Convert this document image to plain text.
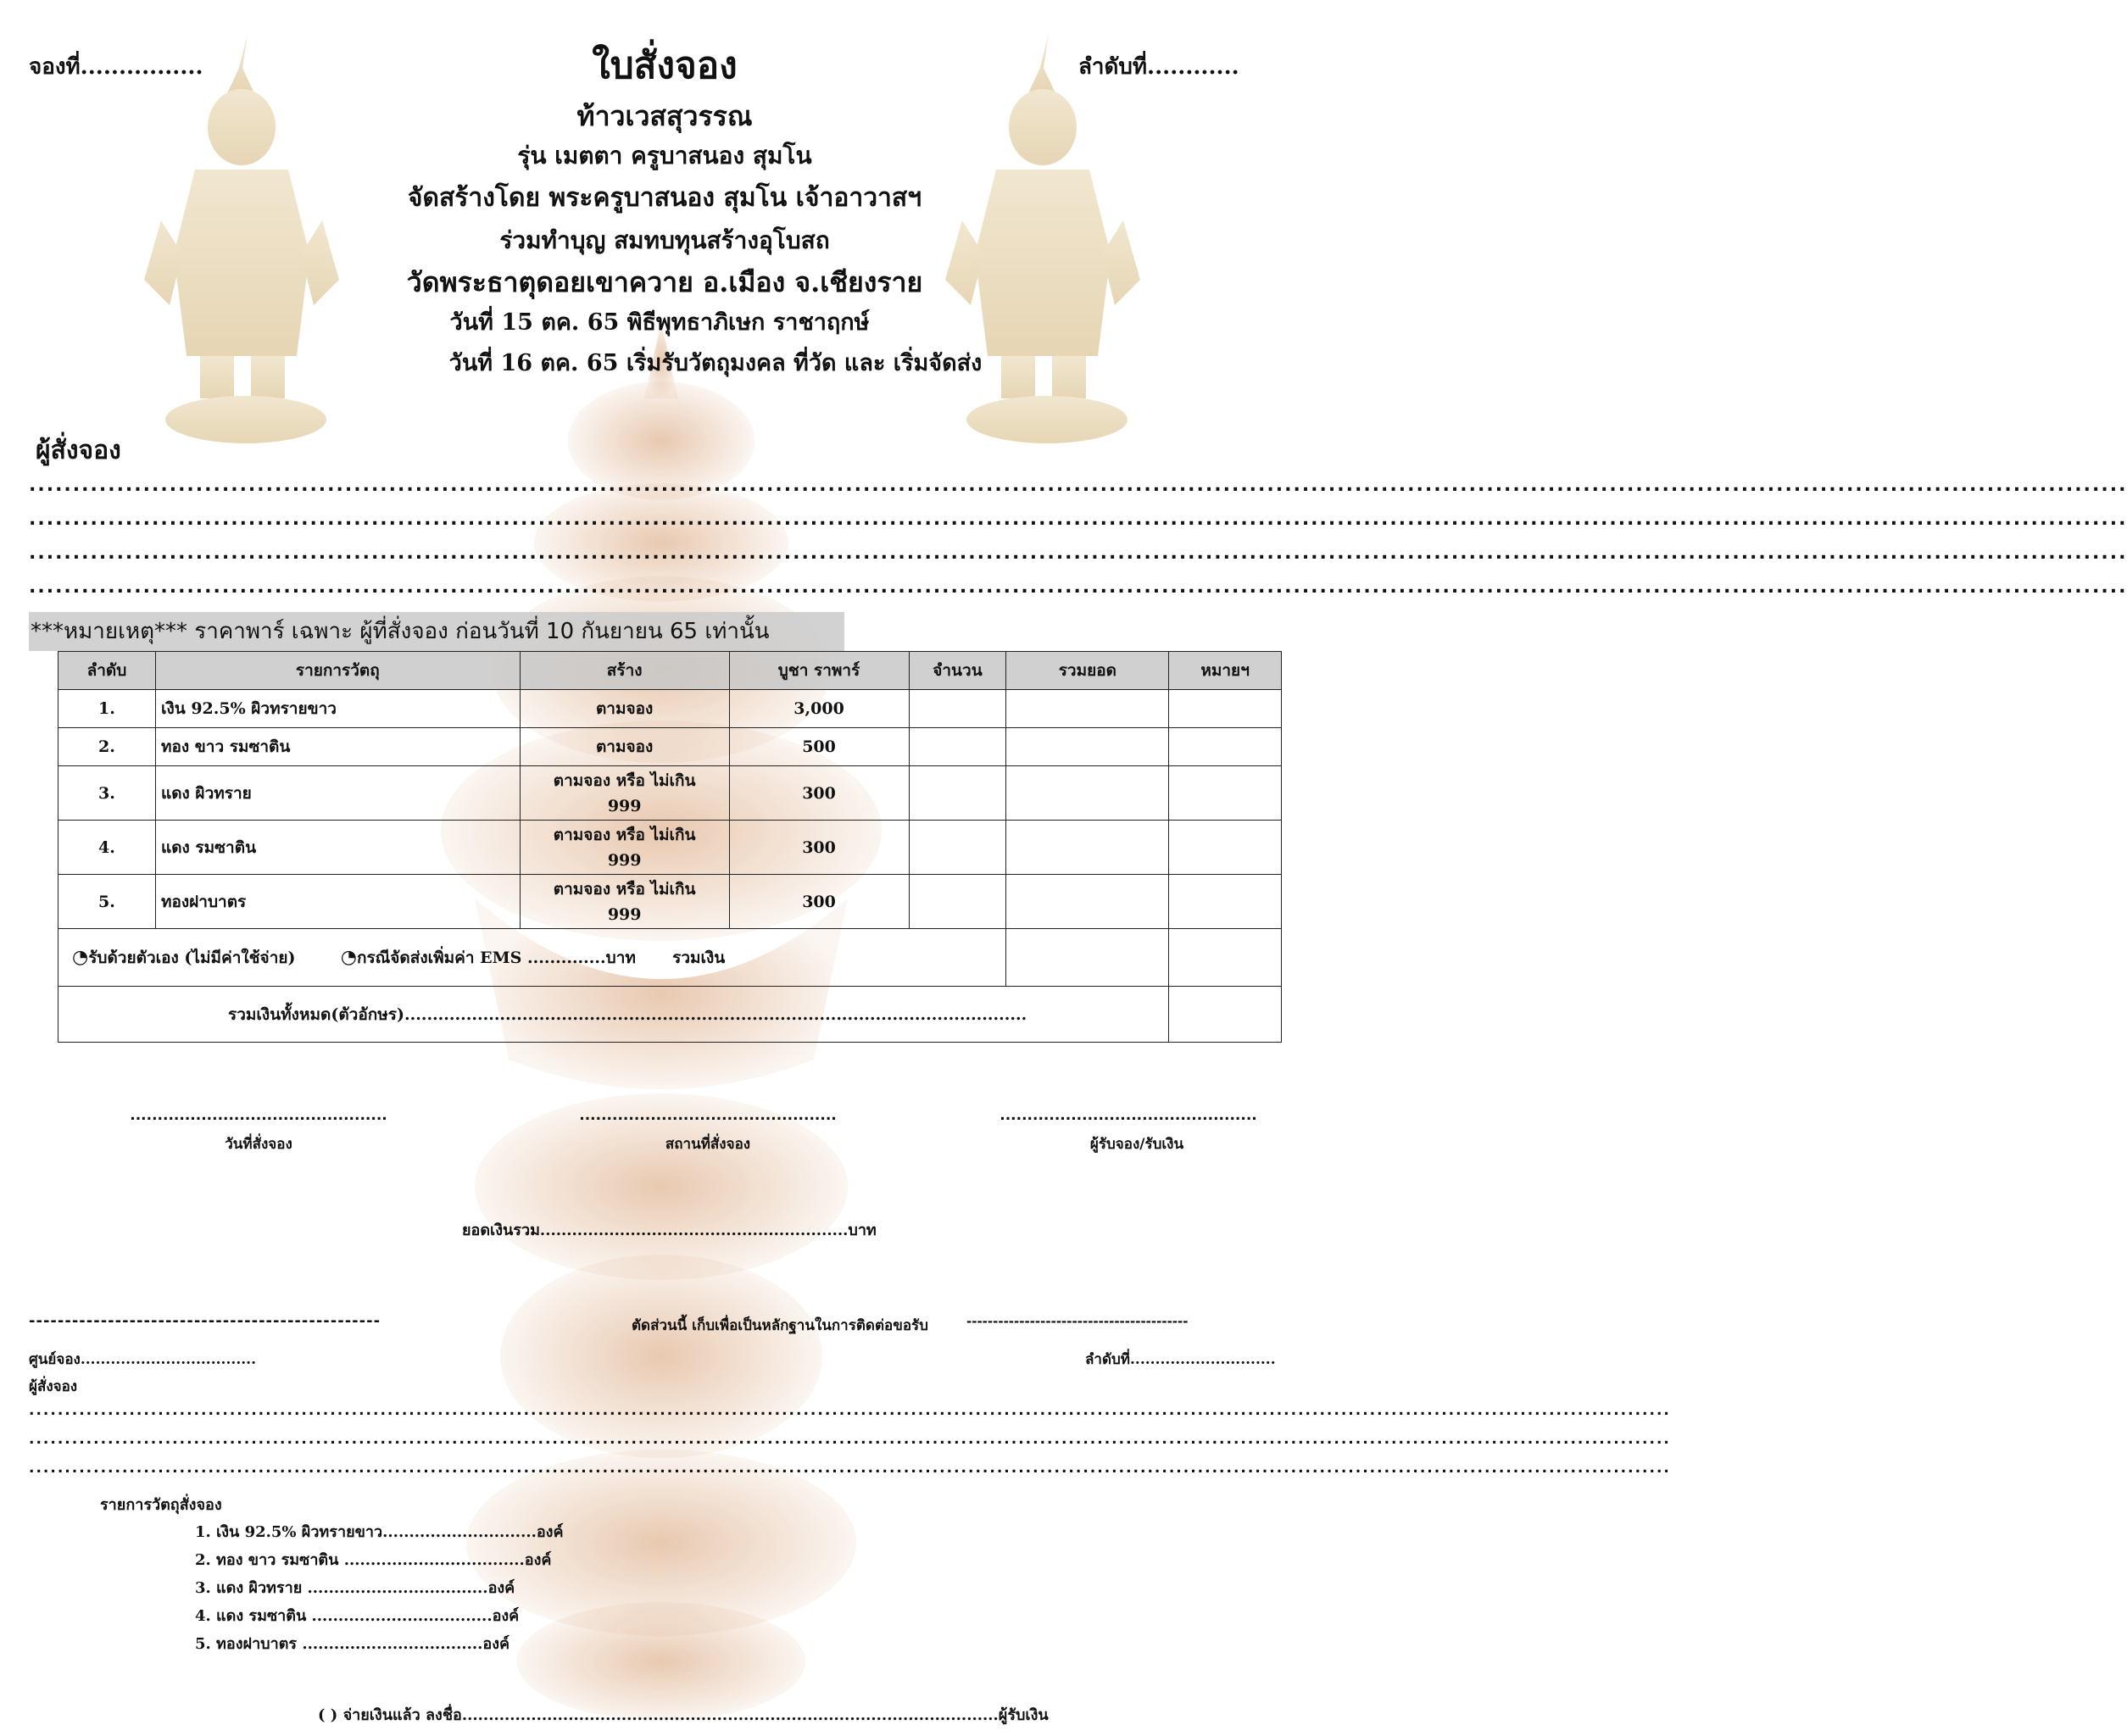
จองที่................	ลำดับที่............
ใบสั่งจอง
ท้าวเวสสุวรรณ
รุ่น เมตตา ครูบาสนอง สุมโน
จัดสร้างโดย พระครูบาสนอง สุมโน เจ้าอาวาสฯ
ร่วมทำบุญ สมทบทุนสร้างอุโบสถ
วัดพระธาตุดอยเขาควาย อ.เมือง จ.เชียงราย
วันที่ 15 ตค. 65 พิธีพุทธาภิเษก ราชาฤกษ์
วันที่ 16 ตค. 65 เริ่มรับวัตถุมงคล ที่วัด และ เริ่มจัดส่ง
ผู้สั่งจอง
...............................................................................................................................................................................................................................................
...............................................................................................................................................................................................................................................
...............................................................................................................................................................................................................................................
...............................................................................................................................................................................................................................................
***หมายเหตุ*** ราคาพาร์ เฉพาะ ผู้ที่สั่งจอง ก่อนวันที่ 10 กันยายน 65 เท่านั้น
ลำดับ	รายการวัตถุ	สร้าง	บูชา ราพาร์	จำนวน	รวมยอด	หมายฯ
1.	เงิน 92.5% ผิวทรายขาว	ตามจอง	3,000			
2.	ทอง ขาว รมซาติน	ตามจอง	500			
3.	แดง ผิวทราย	ตามจอง หรือ ไม่เกิน
999	300			
4.	แดง รมซาติน	ตามจอง หรือ ไม่เกิน
999	300			
5.	ทองฝาบาตร	ตามจอง หรือ ไม่เกิน
999	300			
◔รับด้วยตัวเอง (ไม่มีค่าใช้จ่าย) ◔กรณีจัดส่งเพิ่มค่า EMS ..............บาท รวมเงิน						
รวมเงินทั้งหมด(ตัวอักษร)...............................................................................................................						
...............................................
วันที่สั่งจอง
...............................................
สถานที่สั่งจอง
...............................................
ผู้รับจอง/รับเงิน
ยอดเงินรวม..........................................................บาท
-------------------------------------------------	ตัดส่วนนี้ เก็บเพื่อเป็นหลักฐานในการติดต่อขอรับ	------------------------------------------
ศูนย์จอง...................................	ลำดับที่.............................
ผู้สั่งจอง
.....................................................................................................................................................................................................................................
.....................................................................................................................................................................................................................................
.....................................................................................................................................................................................................................................
รายการวัตถุสั่งจอง
1. เงิน 92.5% ผิวทรายขาว.............................องค์
2. ทอง ขาว รมซาติน ..................................องค์
3. แดง ผิวทราย ..................................องค์
4. แดง รมซาติน ..................................องค์
5. ทองฝาบาตร ..................................องค์
( ) จ่ายเงินแล้ว ลงชื่อ.....................................................................................................ผู้รับเงิน
